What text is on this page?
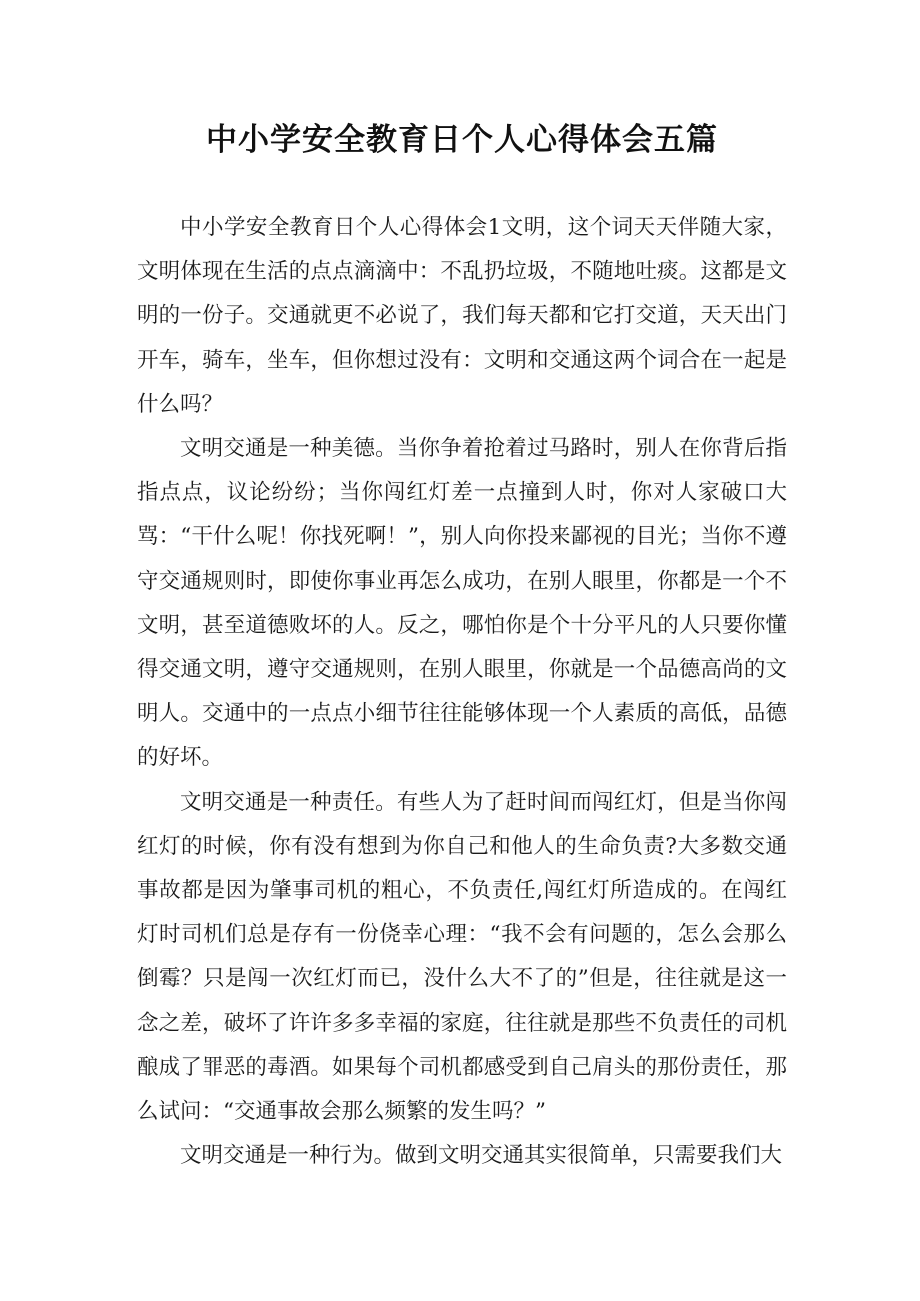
中小学安全教育日个人心得体会五篇

中小学安全教育日个人心得体会1文明，这个词天天伴随大家，文明体现在生活的点点滴滴中：不乱扔垃圾，不随地吐痰。这都是文明的一份子。交通就更不必说了，我们每天都和它打交道，天天出门开车，骑车，坐车，但你想过没有：文明和交通这两个词合在一起是什么吗？

文明交通是一种美德。当你争着抢着过马路时，别人在你背后指指点点，议论纷纷；当你闯红灯差一点撞到人时，你对人家破口大骂：“干什么呢！你找死啊！”，别人向你投来鄙视的目光；当你不遵守交通规则时，即使你事业再怎么成功，在别人眼里，你都是一个不文明，甚至道德败坏的人。反之，哪怕你是个十分平凡的人只要你懂得交通文明，遵守交通规则，在别人眼里，你就是一个品德高尚的文明人。交通中的一点点小细节往往能够体现一个人素质的高低，品德的好坏。

文明交通是一种责任。有些人为了赶时间而闯红灯，但是当你闯红灯的时候，你有没有想到为你自己和他人的生命负责?大多数交通事故都是因为肇事司机的粗心，不负责任,闯红灯所造成的。在闯红灯时司机们总是存有一份侥幸心理：“我不会有问题的，怎么会那么倒霉？只是闯一次红灯而已，没什么大不了的”但是，往往就是这一念之差，破坏了许许多多幸福的家庭，往往就是那些不负责任的司机酿成了罪恶的毒酒。如果每个司机都感受到自己肩头的那份责任，那么试问：“交通事故会那么频繁的发生吗？”

文明交通是一种行为。做到文明交通其实很简单，只需要我们大
